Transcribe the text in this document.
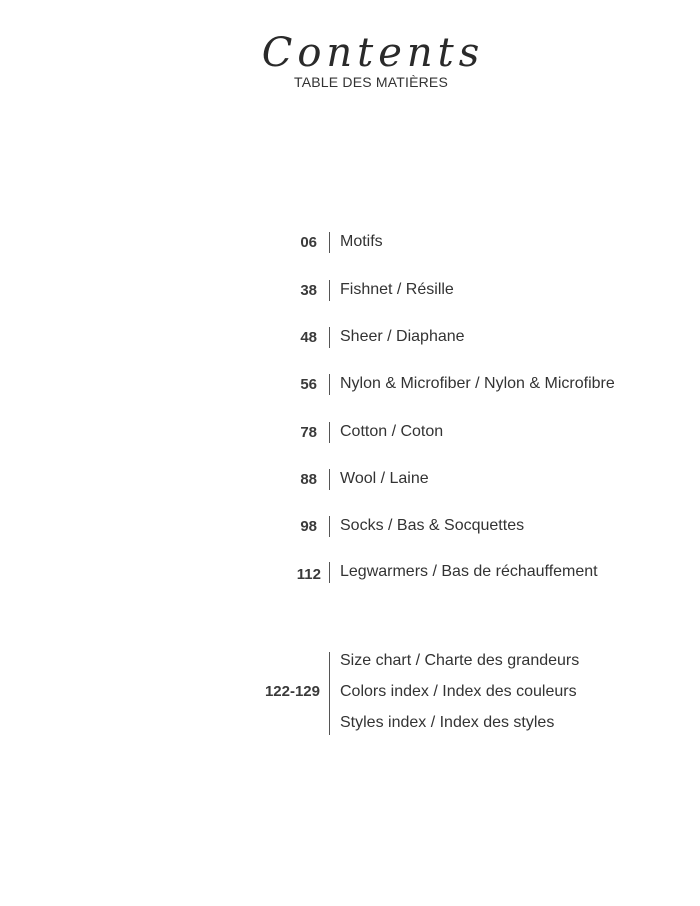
Contents
TABLE DES MATIÈRES
06 Motifs
38 Fishnet / Résille
48 Sheer / Diaphane
56 Nylon & Microfiber / Nylon & Microfibre
78 Cotton / Coton
88 Wool / Laine
98 Socks / Bas & Socquettes
112 Legwarmers / Bas de réchauffement
122-129
Size chart / Charte des grandeurs
Colors index / Index des couleurs
Styles index / Index des styles
